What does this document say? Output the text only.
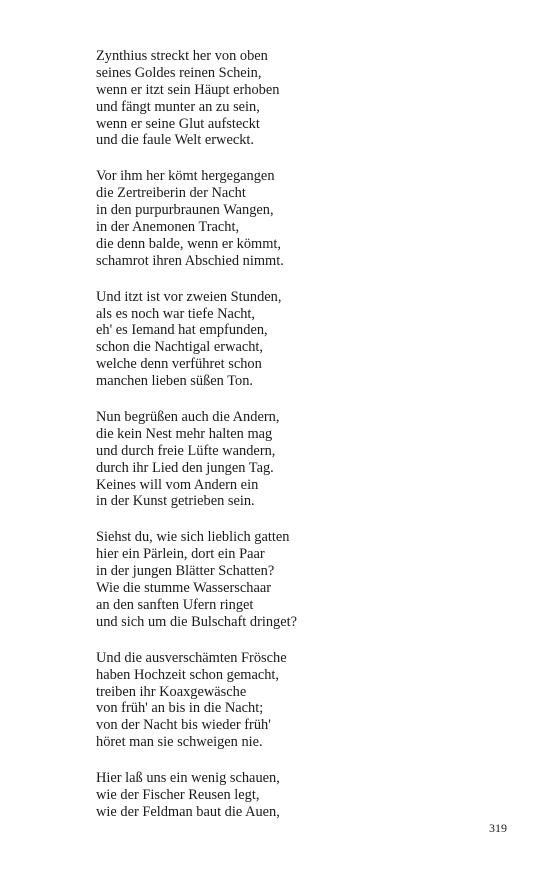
Zynthius streckt her von oben
seines Goldes reinen Schein,
wenn er itzt sein Häupt erhoben
und fängt munter an zu sein,
wenn er seine Glut aufsteckt
und die faule Welt erweckt.
Vor ihm her kömt hergegangen
die Zertreiberin der Nacht
in den purpurbraunen Wangen,
in der Anemonen Tracht,
die denn balde, wenn er kömmt,
schamrot ihren Abschied nimmt.
Und itzt ist vor zweien Stunden,
als es noch war tiefe Nacht,
eh' es Iemand hat empfunden,
schon die Nachtigal erwacht,
welche denn verführet schon
manchen lieben süßen Ton.
Nun begrüßen auch die Andern,
die kein Nest mehr halten mag
und durch freie Lüfte wandern,
durch ihr Lied den jungen Tag.
Keines will vom Andern ein
in der Kunst getrieben sein.
Siehst du, wie sich lieblich gatten
hier ein Pärlein, dort ein Paar
in der jungen Blätter Schatten?
Wie die stumme Wasserschaar
an den sanften Ufern ringet
und sich um die Bulschaft dringet?
Und die ausverschämten Frösche
haben Hochzeit schon gemacht,
treiben ihr Koaxgewäsche
von früh' an bis in die Nacht;
von der Nacht bis wieder früh'
höret man sie schweigen nie.
Hier laß uns ein wenig schauen,
wie der Fischer Reusen legt,
wie der Feldman baut die Auen,
319
